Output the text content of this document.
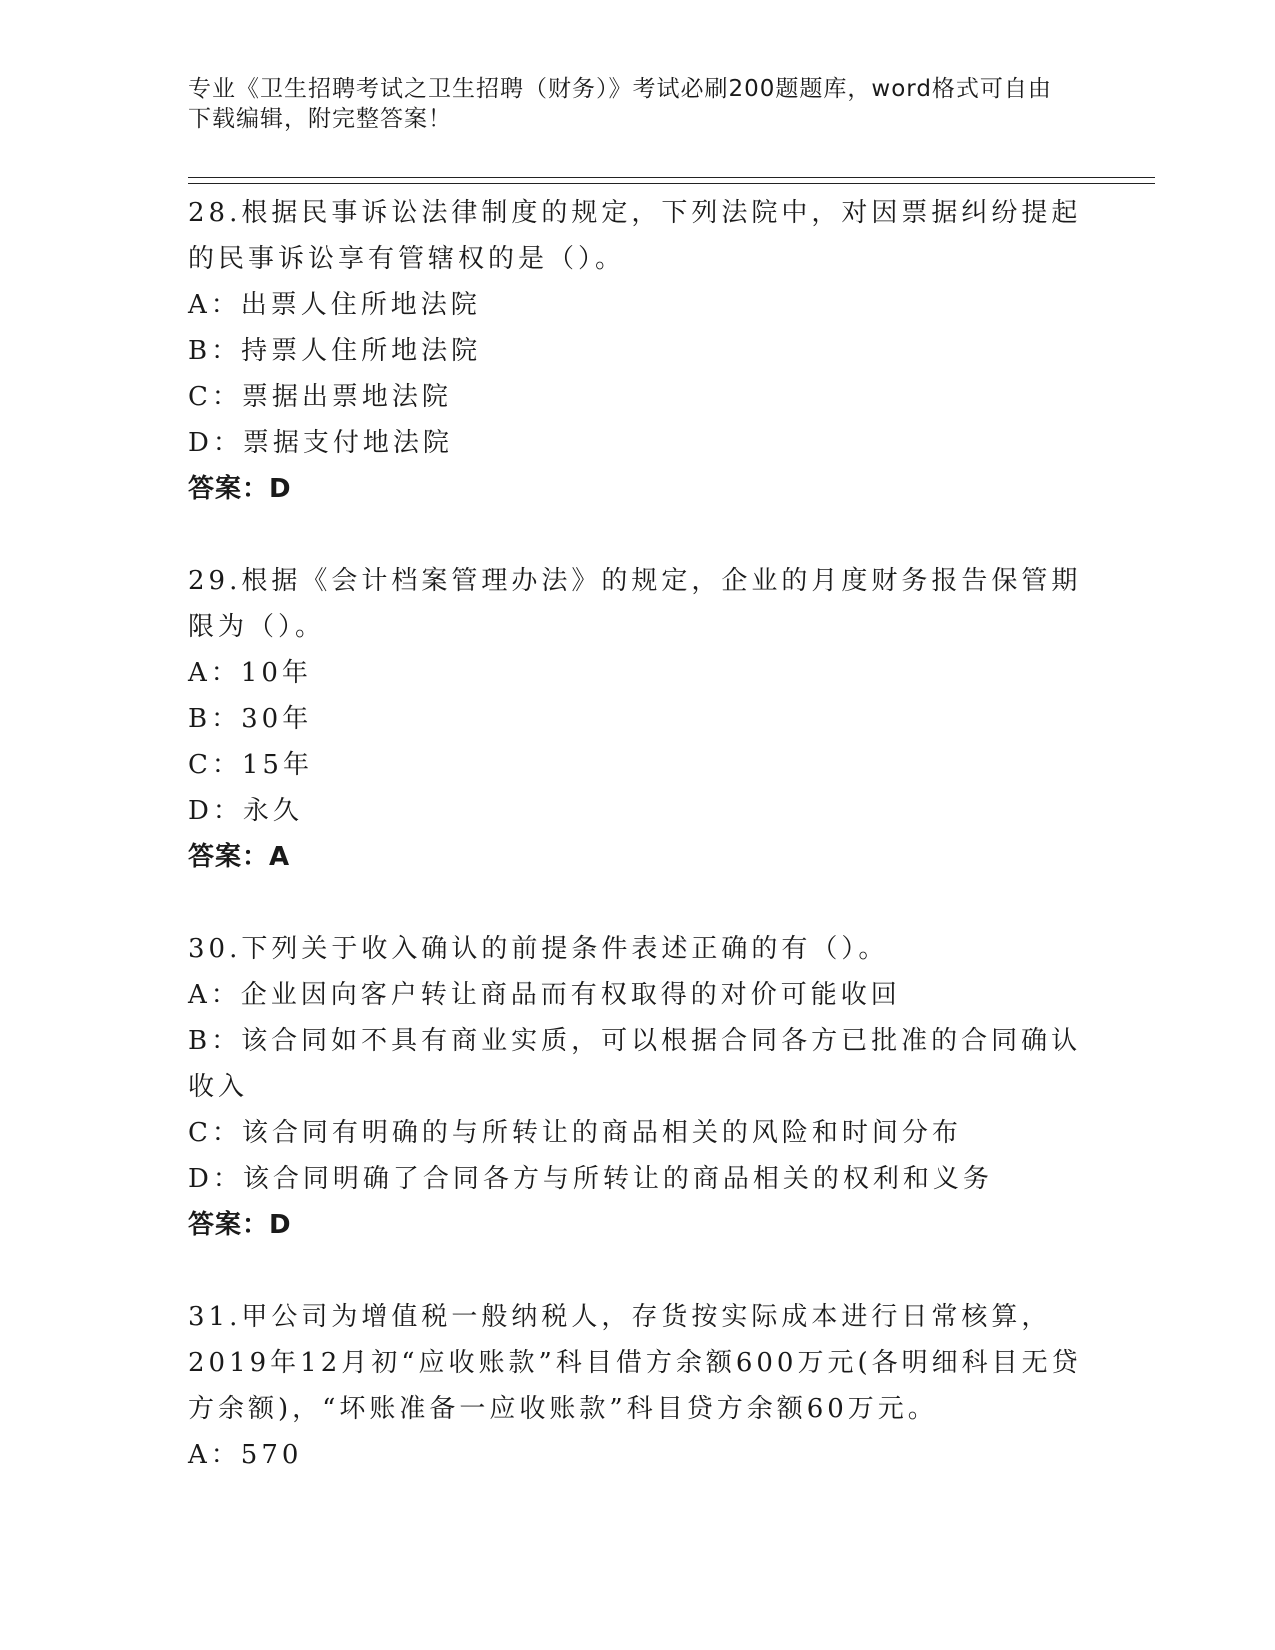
专业《卫生招聘考试之卫生招聘（财务）》考试必刷200题题库，word格式可自由下载编辑，附完整答案！

28.根据民事诉讼法律制度的规定，下列法院中，对因票据纠纷提起的民事诉讼享有管辖权的是（）。

A：出票人住所地法院

B：持票人住所地法院

C：票据出票地法院

D：票据支付地法院

答案：D

29.根据《会计档案管理办法》的规定，企业的月度财务报告保管期限为（）。

A：10年

B：30年

C：15年

D：永久

答案：A

30.下列关于收入确认的前提条件表述正确的有（）。

A：企业因向客户转让商品而有权取得的对价可能收回

B：该合同如不具有商业实质，可以根据合同各方已批准的合同确认收入

C：该合同有明确的与所转让的商品相关的风险和时间分布

D：该合同明确了合同各方与所转让的商品相关的权利和义务

答案：D

31.甲公司为增值税一般纳税人，存货按实际成本进行日常核算，2019年12月初“应收账款”科目借方余额600万元(各明细科目无贷方余额)，“坏账准备一应收账款”科目贷方余额60万元。

A：570
